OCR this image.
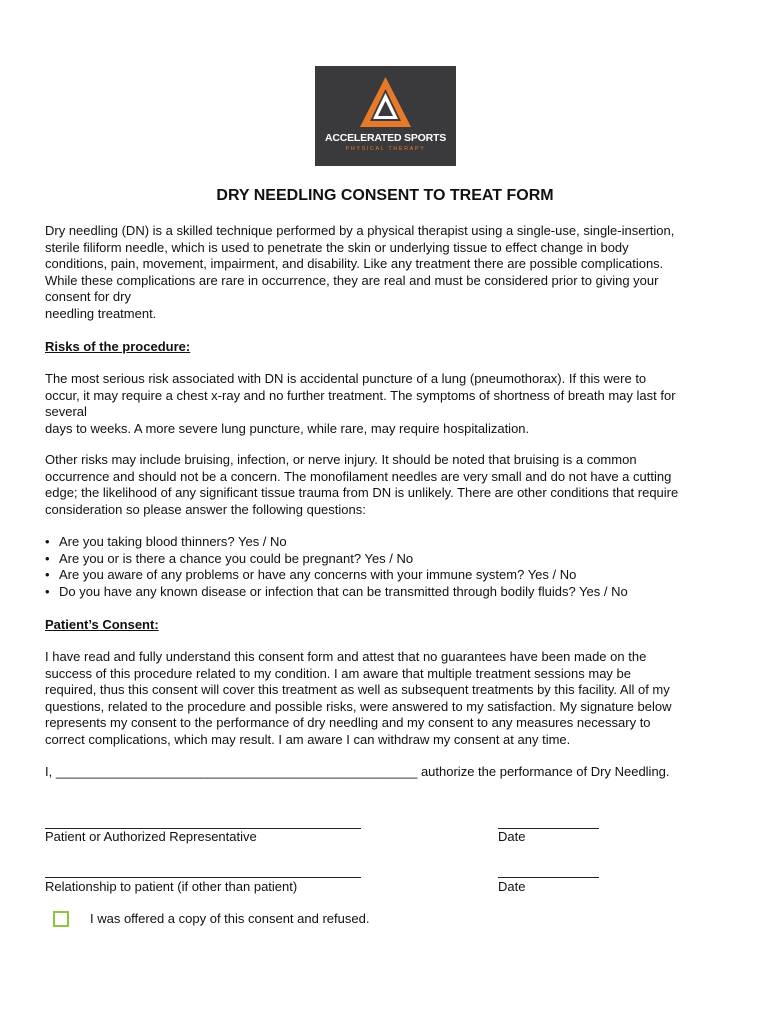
ACCELERATED SPORTS
PHYSICAL THERAPY
DRY NEEDLING CONSENT TO TREAT FORM
Dry needling (DN) is a skilled technique performed by a physical therapist using a single-use, single-insertion,
sterile filiform needle, which is used to penetrate the skin or underlying tissue to effect change in body
conditions, pain, movement, impairment, and disability. Like any treatment there are possible complications.
While these complications are rare in occurrence, they are real and must be considered prior to giving your
consent for dry
needling treatment.
Risks of the procedure:
The most serious risk associated with DN is accidental puncture of a lung (pneumothorax). If this were to
occur, it may require a chest x-ray and no further treatment. The symptoms of shortness of breath may last for
several
days to weeks. A more severe lung puncture, while rare, may require hospitalization.
Other risks may include bruising, infection, or nerve injury. It should be noted that bruising is a common
occurrence and should not be a concern. The monofilament needles are very small and do not have a cutting
edge; the likelihood of any significant tissue trauma from DN is unlikely. There are other conditions that require
consideration so please answer the following questions:
• Are you taking blood thinners? Yes / No
• Are you or is there a chance you could be pregnant? Yes / No
• Are you aware of any problems or have any concerns with your immune system? Yes / No
• Do you have any known disease or infection that can be transmitted through bodily fluids? Yes / No
Patient’s Consent:
I have read and fully understand this consent form and attest that no guarantees have been made on the
success of this procedure related to my condition. I am aware that multiple treatment sessions may be
required, thus this consent will cover this treatment as well as subsequent treatments by this facility. All of my
questions, related to the procedure and possible risks, were answered to my satisfaction. My signature below
represents my consent to the performance of dry needling and my consent to any measures necessary to
correct complications, which may result. I am aware I can withdraw my consent at any time.
I, __________________________________________________ authorize the performance of Dry Needling.
Patient or Authorized Representative	Date
Relationship to patient (if other than patient)	Date
I was offered a copy of this consent and refused.
